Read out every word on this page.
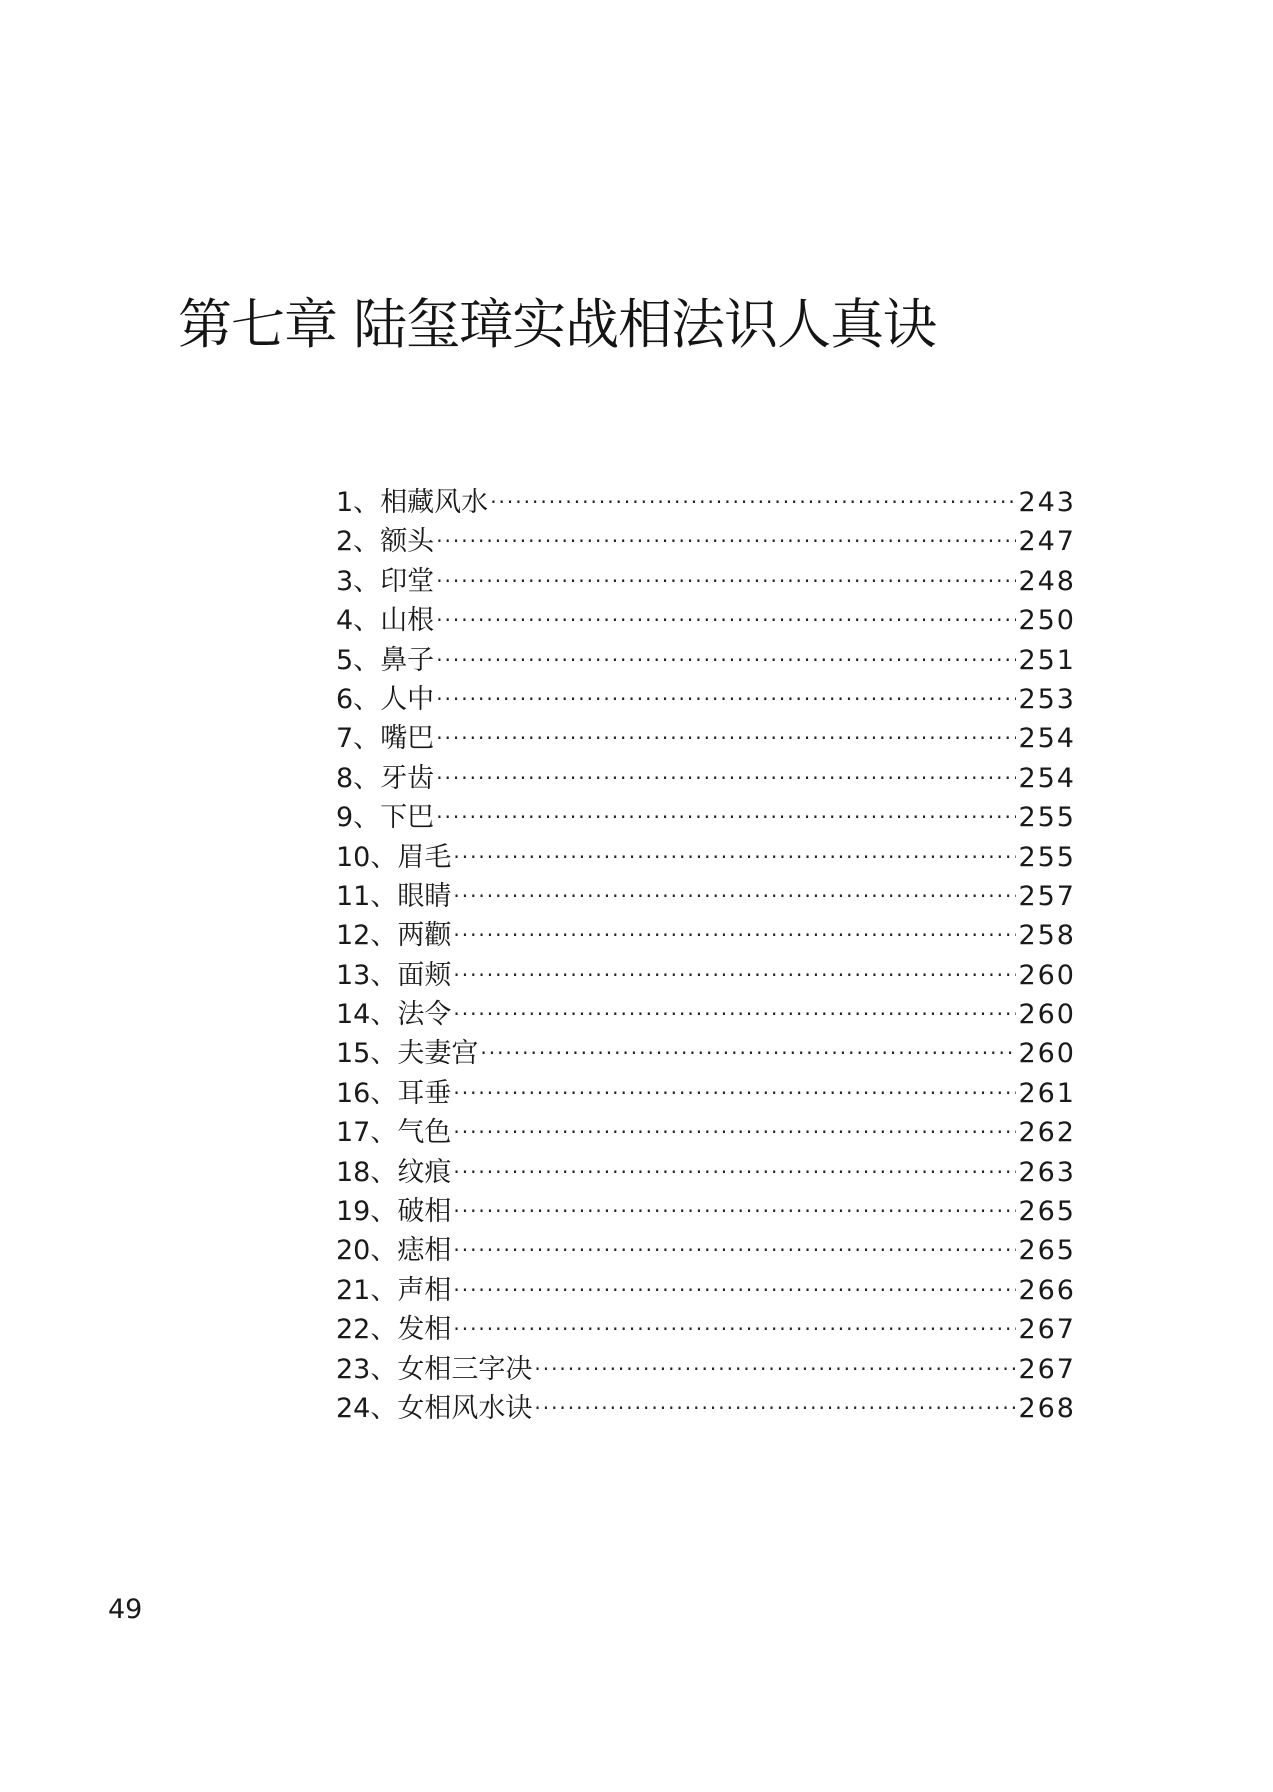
第七章 陆玺璋实战相法识人真诀
1、 相藏风水 ·····	243
2、 额头 ·····	247
3、 印堂 ·····	248
4、 山根 ·····	250
5、 鼻子 ·····	251
6、 人中 ·····	253
7、 嘴巴 ·····	254
8、 牙齿 ·····	254
9、 下巴 ·····	255
10、 眉毛 ·····	255
11、 眼睛 ·····	257
12、 两颧 ·····	258
13、 面颊 ·····	260
14、 法令 ·····	260
15、 夫妻宫 ·····	260
16、 耳垂 ·····	261
17、 气色 ·····	262
18、 纹痕 ·····	263
19、 破相 ·····	265
20、 痣相 ·····	265
21、 声相 ·····	266
22、 发相 ·····	267
23、 女相三字决 ·····	267
24、 女相风水诀 ·····	268
49
